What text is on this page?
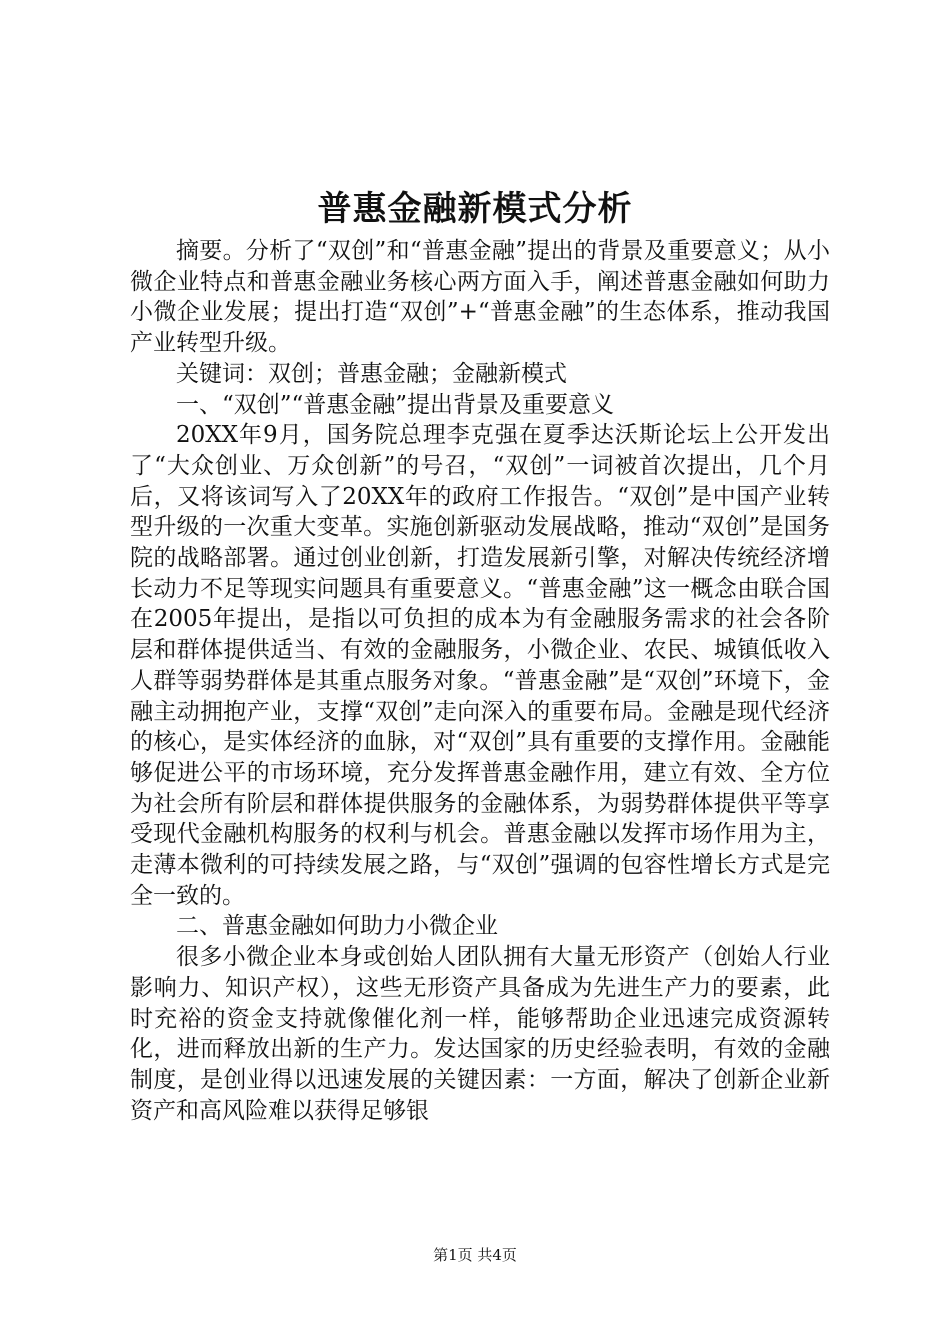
普惠金融新模式分析

摘要。分析了“双创”和“普惠金融”提出的背景及重要意义；从小微企业特点和普惠金融业务核心两方面入手，阐述普惠金融如何助力小微企业发展；提出打造“双创”+“普惠金融”的生态体系，推动我国产业转型升级。

关键词：双创；普惠金融；金融新模式

一、“双创”“普惠金融”提出背景及重要意义

20XX年9月，国务院总理李克强在夏季达沃斯论坛上公开发出了“大众创业、万众创新”的号召，“双创”一词被首次提出，几个月后，又将该词写入了20XX年的政府工作报告。“双创”是中国产业转型升级的一次重大变革。实施创新驱动发展战略，推动“双创”是国务院的战略部署。通过创业创新，打造发展新引擎，对解决传统经济增长动力不足等现实问题具有重要意义。“普惠金融”这一概念由联合国在2005年提出，是指以可负担的成本为有金融服务需求的社会各阶层和群体提供适当、有效的金融服务，小微企业、农民、城镇低收入人群等弱势群体是其重点服务对象。“普惠金融”是“双创”环境下，金融主动拥抱产业，支撑“双创”走向深入的重要布局。金融是现代经济的核心，是实体经济的血脉，对“双创”具有重要的支撑作用。金融能够促进公平的市场环境，充分发挥普惠金融作用，建立有效、全方位为社会所有阶层和群体提供服务的金融体系，为弱势群体提供平等享受现代金融机构服务的权利与机会。普惠金融以发挥市场作用为主，走薄本微利的可持续发展之路，与“双创”强调的包容性增长方式是完全一致的。

二、普惠金融如何助力小微企业

很多小微企业本身或创始人团队拥有大量无形资产（创始人行业影响力、知识产权），这些无形资产具备成为先进生产力的要素，此时充裕的资金支持就像催化剂一样，能够帮助企业迅速完成资源转化，进而释放出新的生产力。发达国家的历史经验表明，有效的金融制度，是创业得以迅速发展的关键因素：一方面，解决了创新企业新资产和高风险难以获得足够银

第1页 共4页
